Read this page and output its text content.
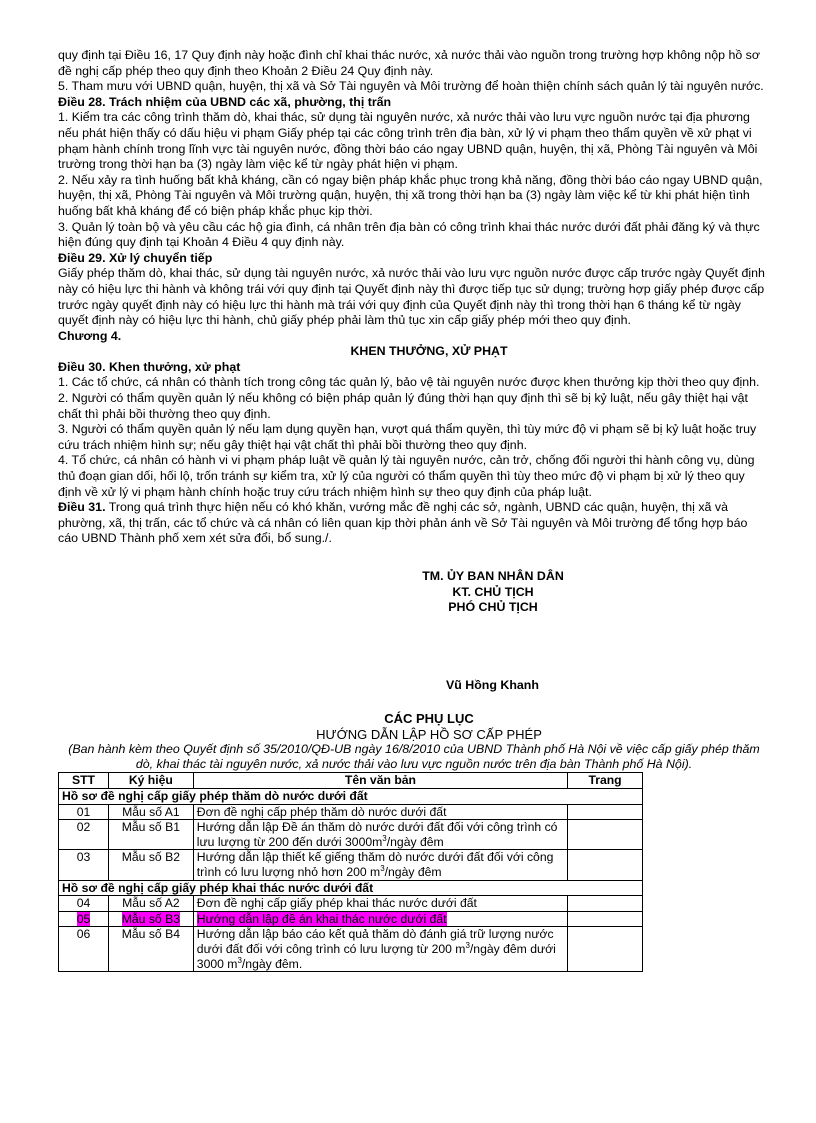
quy định tại Điều 16, 17 Quy định này hoặc đình chỉ khai thác nước, xả nước thải vào nguồn trong trường hợp không nộp hồ sơ đề nghị cấp phép theo quy định theo Khoản 2 Điều 24 Quy định này.

5. Tham mưu với UBND quận, huyện, thị xã và Sở Tài nguyên và Môi trường để hoàn thiện chính sách quản lý tài nguyên nước.

Điều 28. Trách nhiệm của UBND các xã, phường, thị trấn

1. Kiểm tra các công trình thăm dò, khai thác, sử dụng tài nguyên nước, xả nước thải vào lưu vực nguồn nước tại địa phương nếu phát hiện thấy có dấu hiệu vi phạm Giấy phép tại các công trình trên địa bàn, xử lý vi phạm theo thẩm quyền về xử phạt vi phạm hành chính trong lĩnh vực tài nguyên nước, đồng thời báo cáo ngay UBND quận, huyện, thị xã, Phòng Tài nguyên và Môi trường trong thời hạn ba (3) ngày làm việc kể từ ngày phát hiện vi phạm.

2. Nếu xảy ra tình huống bất khả kháng, cần có ngay biện pháp khắc phục trong khả năng, đồng thời báo cáo ngay UBND quận, huyện, thị xã, Phòng Tài nguyên và Môi trường quận, huyện, thị xã trong thời hạn ba (3) ngày làm việc kể từ khi phát hiện tình huống bất khả kháng để có biện pháp khắc phục kịp thời.

3. Quản lý toàn bộ và yêu cầu các hộ gia đình, cá nhân trên địa bàn có công trình khai thác nước dưới đất phải đăng ký và thực hiện đúng quy định tại Khoản 4 Điều 4 quy định này.

Điều 29. Xử lý chuyển tiếp

Giấy phép thăm dò, khai thác, sử dụng tài nguyên nước, xả nước thải vào lưu vực nguồn nước được cấp trước ngày Quyết định này có hiệu lực thi hành và không trái với quy định tại Quyết định này thì được tiếp tục sử dụng; trường hợp giấy phép được cấp trước ngày quyết định này có hiệu lực thi hành mà trái với quy định của Quyết định này thì trong thời hạn 6 tháng kể từ ngày quyết định này có hiệu lực thi hành, chủ giấy phép phải làm thủ tục xin cấp giấy phép mới theo quy định.

Chương 4.

KHEN THƯỞNG, XỬ PHẠT

Điều 30. Khen thưởng, xử phạt

1. Các tổ chức, cá nhân có thành tích trong công tác quản lý, bảo vệ tài nguyên nước được khen thưởng kịp thời theo quy định.

2. Người có thẩm quyền quản lý nếu không có biện pháp quản lý đúng thời hạn quy định thì sẽ bị kỷ luật, nếu gây thiệt hại vật chất thì phải bồi thường theo quy định.

3. Người có thẩm quyền quản lý nếu lạm dụng quyền hạn, vượt quá thẩm quyền, thì tùy mức độ vi phạm sẽ bị kỷ luật hoặc truy cứu trách nhiệm hình sự; nếu gây thiệt hại vật chất thì phải bồi thường theo quy định.

4. Tổ chức, cá nhân có hành vi vi phạm pháp luật về quản lý tài nguyên nước, cản trở, chống đối người thi hành công vụ, dùng thủ đoạn gian dối, hối lộ, trốn tránh sự kiểm tra, xử lý của người có thẩm quyền thì tùy theo mức độ vi phạm bị xử lý theo quy định về xử lý vi phạm hành chính hoặc truy cứu trách nhiệm hình sự theo quy định của pháp luật.

Điều 31. Trong quá trình thực hiện nếu có khó khăn, vướng mắc đề nghị các sở, ngành, UBND các quận, huyện, thị xã và phường, xã, thị trấn, các tổ chức và cá nhân có liên quan kịp thời phản ánh về Sở Tài nguyên và Môi trường để tổng hợp báo cáo UBND Thành phố xem xét sửa đổi, bổ sung./.

TM. ỦY BAN NHÂN DÂN
KT. CHỦ TỊCH
PHÓ CHỦ TỊCH
Vũ Hồng Khanh

CÁC PHỤ LỤC

HƯỚNG DẪN LẬP HỒ SƠ CẤP PHÉP

(Ban hành kèm theo Quyết định số 35/2010/QĐ-UB ngày 16/8/2010 của UBND Thành phố Hà Nội về việc cấp giấy phép thăm dò, khai thác tài nguyên nước, xả nước thải vào lưu vực nguồn nước trên địa bàn Thành phố Hà Nội).

STT	Ký hiệu	Tên văn bản	Trang
Hồ sơ đề nghị cấp giấy phép thăm dò nước dưới đất			
01	Mẫu số A1	Đơn đề nghị cấp phép thăm dò nước dưới đất	
02	Mẫu số B1	Hướng dẫn lập Đề án thăm dò nước dưới đất đối với công trình có lưu lượng từ 200 đến dưới $3000m^3$/ngày đêm	
03	Mẫu số B2	Hướng dẫn lập thiết kế giếng thăm dò nước dưới đất đối với công trình có lưu lượng nhỏ hơn 200 $m^3$/ngày đêm	
Hồ sơ đề nghị cấp giấy phép khai thác nước dưới đất			
04	Mẫu số A2	Đơn đề nghị cấp giấy phép khai thác nước dưới đất	
05	Mẫu số B3	Hướng dẫn lập đề án khai thác nước dưới đất	
06	Mẫu số B4	Hướng dẫn lập báo cáo kết quả thăm dò đánh giá trữ lượng nước dưới đất đối với công trình có lưu lượng từ 200 $m^3$/ngày đêm dưới 3000 $m^3$/ngày đêm.	
